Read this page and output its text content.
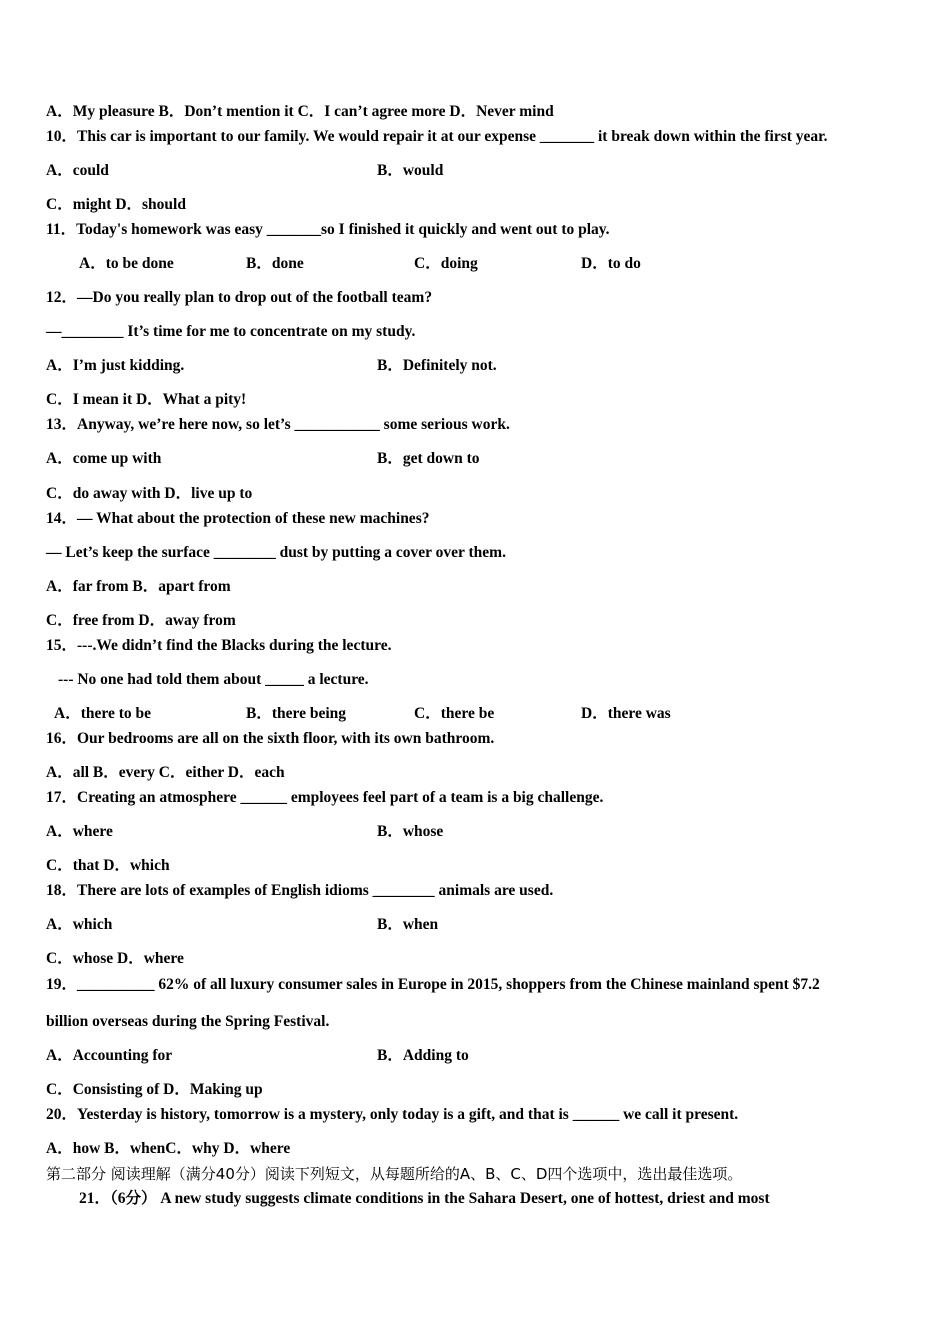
A．My pleasure B．Don’t mention it C．I can’t agree more D．Never mind
10．This car is important to our family. We would repair it at our expense _______ it break down within the first year.
A．could	B．would
C．might D．should
11．Today's homework was easy _______so I finished it quickly and went out to play.
A．to be done	B．done	C．doing	D．to do
12．—Do you really plan to drop out of the football team?
—________ It’s time for me to concentrate on my study.
A．I’m just kidding.	B．Definitely not.
C．I mean it D．What a pity!
13．Anyway, we’re here now, so let’s ___________ some serious work.
A．come up with	B．get down to
C．do away with D．live up to
14．— What about the protection of these new machines?
— Let’s keep the surface ________ dust by putting a cover over them.
A．far from B．apart from
C．free from D．away from
15．---.We didn’t find the Blacks during the lecture.
--- No one had told them about _____ a lecture.
A．there to be	B．there being	C．there be	D．there was
16．Our bedrooms are all on the sixth floor, with its own bathroom.
A．all B．every C．either D．each
17．Creating an atmosphere ______ employees feel part of a team is a big challenge.
A．where	B．whose
C．that D．which
18．There are lots of examples of English idioms ________ animals are used.
A．which	B．when
C．whose D．where
19．__________ 62% of all luxury consumer sales in Europe in 2015, shoppers from the Chinese mainland spent $7.2
billion overseas during the Spring Festival.
A．Accounting for	B．Adding to
C．Consisting of D．Making up
20．Yesterday is history, tomorrow is a mystery, only today is a gift, and that is ______ we call it present.
A．how B．whenC．why D．where
第二部分 阅读理解（满分40分）阅读下列短文，从每题所给的A、B、C、D四个选项中，选出最佳选项。
21．（6分） A new study suggests climate conditions in the Sahara Desert, one of hottest, driest and most
